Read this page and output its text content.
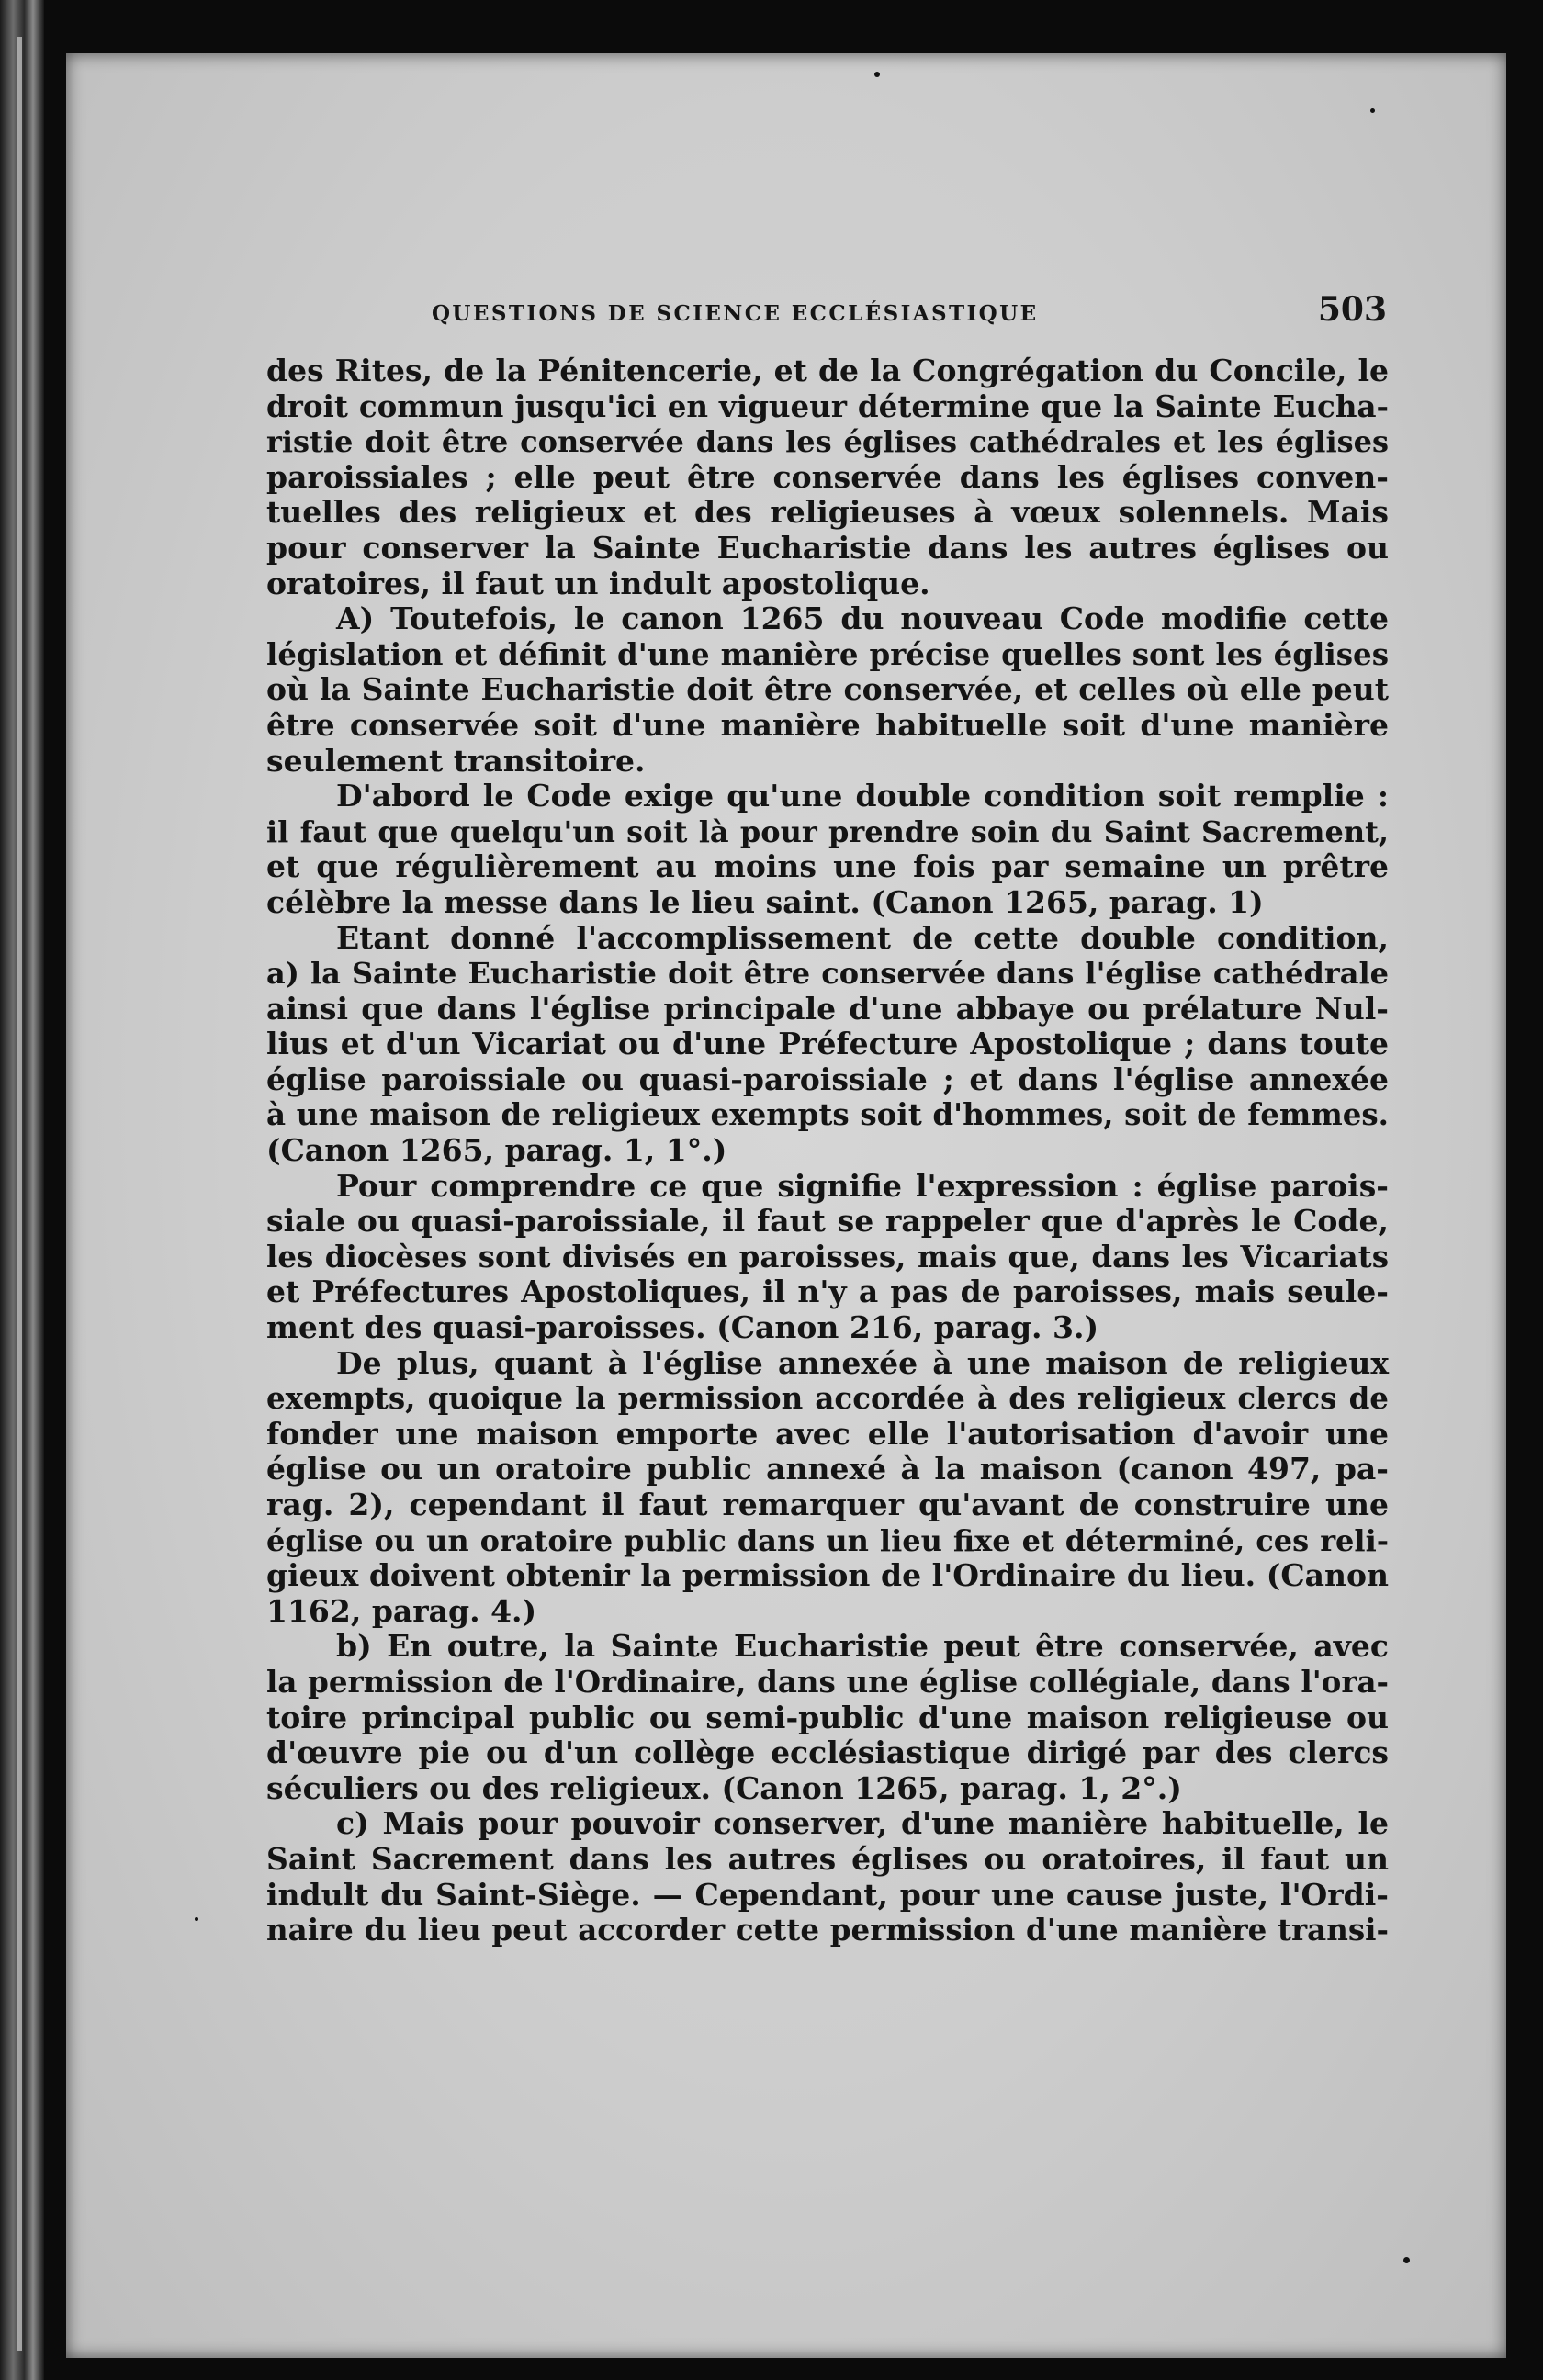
QUESTIONS DE SCIENCE ECCLÉSIASTIQUE	503
des Rites, de la Pénitencerie, et de la Congrégation du Concile, le
droit commun jusqu'ici en vigueur détermine que la Sainte Eucha-
ristie doit être conservée dans les églises cathédrales et les églises
paroissiales ; elle peut être conservée dans les églises conven-
tuelles des religieux et des religieuses à vœux solennels. Mais
pour conserver la Sainte Eucharistie dans les autres églises ou
oratoires, il faut un indult apostolique.
A) Toutefois, le canon 1265 du nouveau Code modifie cette
législation et définit d'une manière précise quelles sont les églises
où la Sainte Eucharistie doit être conservée, et celles où elle peut
être conservée soit d'une manière habituelle soit d'une manière
seulement transitoire.
D'abord le Code exige qu'une double condition soit remplie :
il faut que quelqu'un soit là pour prendre soin du Saint Sacrement,
et que régulièrement au moins une fois par semaine un prêtre
célèbre la messe dans le lieu saint. (Canon 1265, parag. 1)
Etant donné l'accomplissement de cette double condition,
a) la Sainte Eucharistie doit être conservée dans l'église cathédrale
ainsi que dans l'église principale d'une abbaye ou prélature Nul-
lius et d'un Vicariat ou d'une Préfecture Apostolique ; dans toute
église paroissiale ou quasi-paroissiale ; et dans l'église annexée
à une maison de religieux exempts soit d'hommes, soit de femmes.
(Canon 1265, parag. 1, 1°.)
Pour comprendre ce que signifie l'expression : église parois-
siale ou quasi-paroissiale, il faut se rappeler que d'après le Code,
les diocèses sont divisés en paroisses, mais que, dans les Vicariats
et Préfectures Apostoliques, il n'y a pas de paroisses, mais seule-
ment des quasi-paroisses. (Canon 216, parag. 3.)
De plus, quant à l'église annexée à une maison de religieux
exempts, quoique la permission accordée à des religieux clercs de
fonder une maison emporte avec elle l'autorisation d'avoir une
église ou un oratoire public annexé à la maison (canon 497, pa-
rag. 2), cependant il faut remarquer qu'avant de construire une
église ou un oratoire public dans un lieu fixe et déterminé, ces reli-
gieux doivent obtenir la permission de l'Ordinaire du lieu. (Canon
1162, parag. 4.)
b) En outre, la Sainte Eucharistie peut être conservée, avec
la permission de l'Ordinaire, dans une église collégiale, dans l'ora-
toire principal public ou semi-public d'une maison religieuse ou
d'œuvre pie ou d'un collège ecclésiastique dirigé par des clercs
séculiers ou des religieux. (Canon 1265, parag. 1, 2°.)
c) Mais pour pouvoir conserver, d'une manière habituelle, le
Saint Sacrement dans les autres églises ou oratoires, il faut un
indult du Saint-Siège. — Cependant, pour une cause juste, l'Ordi-
naire du lieu peut accorder cette permission d'une manière transi-
